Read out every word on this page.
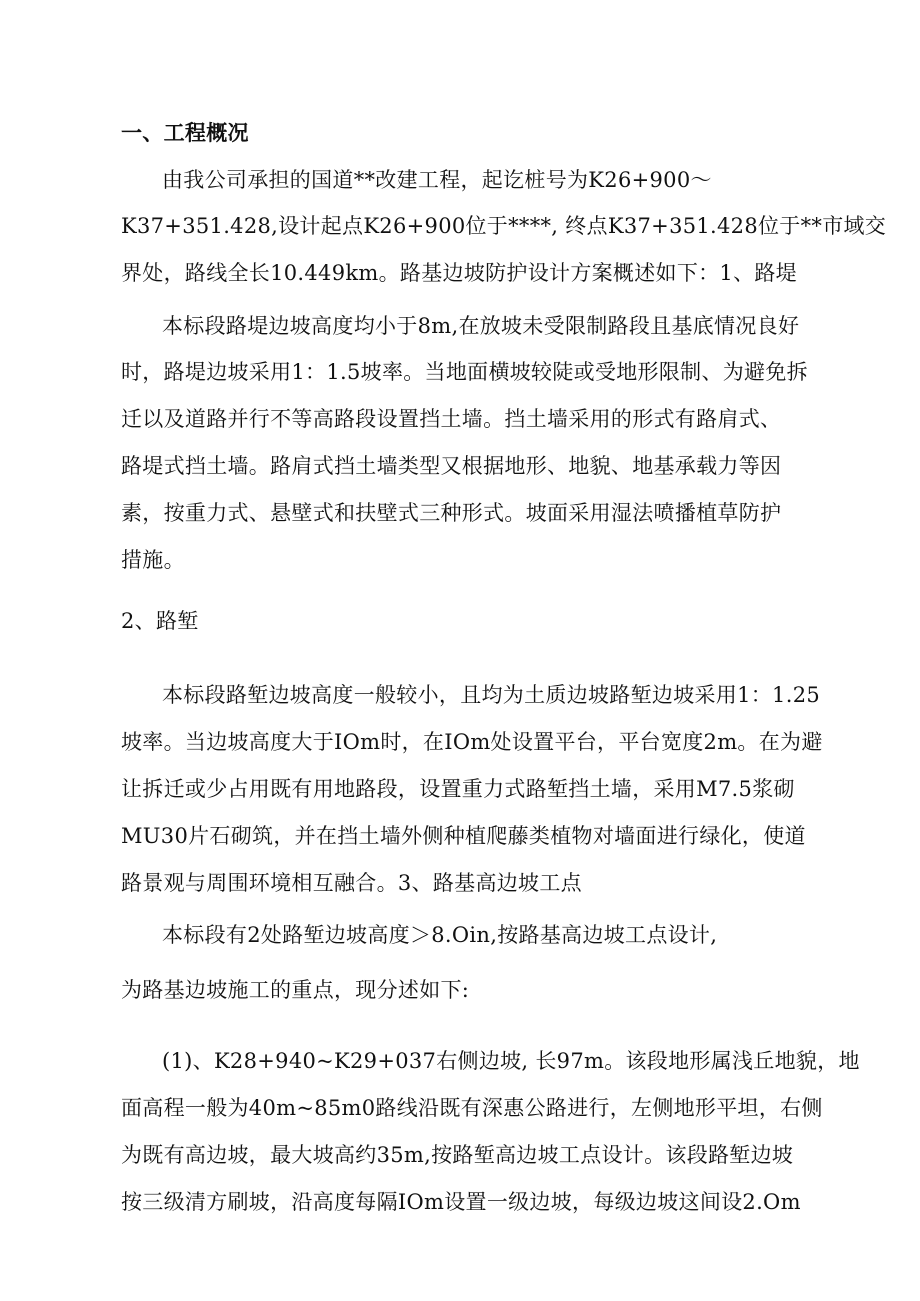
一、工程概况
由我公司承担的国道**改建工程，起讫桩号为K26+900～
K37+351.428,设计起点K26+900位于****, 终点K37+351.428位于**市域交
界处，路线全长10.449km。路基边坡防护设计方案概述如下：1、路堤
本标段路堤边坡高度均小于8m,在放坡未受限制路段且基底情况良好
时，路堤边坡采用1：1.5坡率。当地面横坡较陡或受地形限制、为避免拆
迁以及道路并行不等高路段设置挡土墙。挡土墙采用的形式有路肩式、
路堤式挡土墙。路肩式挡土墙类型又根据地形、地貌、地基承载力等因
素，按重力式、悬壁式和扶壁式三种形式。坡面采用湿法喷播植草防护
措施。
2、路堑
本标段路堑边坡高度一般较小，且均为土质边坡路堑边坡采用1：1.25
坡率。当边坡高度大于IOm时，在IOm处设置平台，平台宽度2m。在为避
让拆迁或少占用既有用地路段，设置重力式路堑挡土墙，采用M7.5浆砌
MU30片石砌筑，并在挡土墙外侧种植爬藤类植物对墙面进行绿化，使道
路景观与周围环境相互融合。3、路基高边坡工点
本标段有2处路堑边坡高度＞8.Oin,按路基高边坡工点设计,
为路基边坡施工的重点，现分述如下:
(1)、K28+940~K29+037右侧边坡, 长97m。该段地形属浅丘地貌，地
面高程一般为40m~85m0路线沿既有深惠公路进行，左侧地形平坦，右侧
为既有高边坡，最大坡高约35m,按路堑高边坡工点设计。该段路堑边坡
按三级清方刷坡，沿高度每隔IOm设置一级边坡，每级边坡这间设2.Om
